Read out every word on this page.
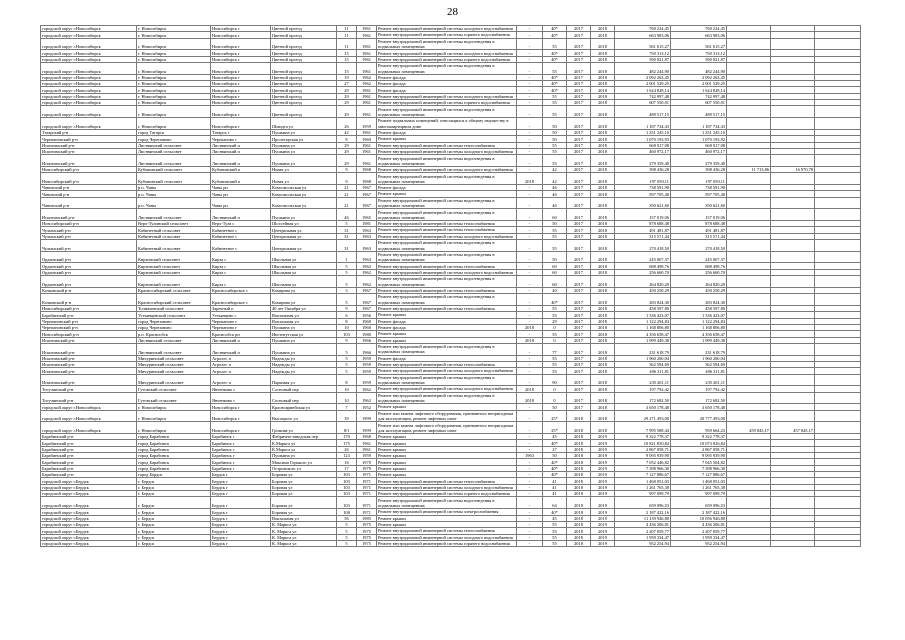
28
городской округ г.Новосибирск	г. Новосибирск	Новосибирск г	Цветной проезд	11	1961	Ремонт внутридомовой инженерной системы холодного водоснабжения	-	40*	2017	2018	760 224,45	760 224,45			
городской округ г.Новосибирск	г. Новосибирск	Новосибирск г	Цветной проезд	11	1961	Ремонт внутридомовой инженерной системы горячего водоснабжения	-	40*	2017	2018	663 983,06	663 983,06			
городской округ г.Новосибирск	г. Новосибирск	Новосибирск г	Цветной проезд	11	1961	Ремонт внутридомовой инженерной системы водоотведения в подвальных помещениях	-	55	2017	2018	561 615,27	561 615,27			
городской округ г.Новосибирск	г. Новосибирск	Новосибирск г	Цветной проезд	15	1961	Ремонт внутридомовой инженерной системы холодного водоснабжения	-	40*	2017	2018	750 313,12	750 313,12			
городской округ г.Новосибирск	г. Новосибирск	Новосибирск г	Цветной проезд	15	1961	Ремонт внутридомовой инженерной системы горячего водоснабжения	-	40*	2017	2018	590 821,87	590 821,87			
городской округ г.Новосибирск	г. Новосибирск	Новосибирск г	Цветной проезд	15	1961	Ремонт внутридомовой инженерной системы водоотведения в подвальных помещениях	-	55	2017	2018	482 244,90	482 244,90			
городской округ г.Новосибирск	г. Новосибирск	Новосибирск г	Цветной проезд	19	1962	Ремонт фасада	-	40*	2017	2018	2 092 263,45	2 092 263,45			
городской округ г.Новосибирск	г. Новосибирск	Новосибирск г	Цветной проезд	27	1962	Ремонт фасада	-	40*	2017	2018	2 001 529,25	2 001 529,25			
городской округ г.Новосибирск	г. Новосибирск	Новосибирск г	Цветной проезд	29	1961	Ремонт фасада	-	40*	2017	2018	1 624 828,14	1 624 828,14			
городской округ г.Новосибирск	г. Новосибирск	Новосибирск г	Цветной проезд	29	1961	Ремонт внутридомовой инженерной системы холодного водоснабжения	-	55	2017	2018	742 997,48	742 997,48			
городской округ г.Новосибирск	г. Новосибирск	Новосибирск г	Цветной проезд	29	1961	Ремонт внутридомовой инженерной системы горячего водоснабжения	-	55	2017	2018	607 550,01	607 550,01			
городской округ г.Новосибирск	г. Новосибирск	Новосибирск г	Цветной проезд	29	1961	Ремонт внутридомовой инженерной системы водоотведения в подвальных помещениях	-	55	2017	2018	489 517,15	489 517,15			
городской округ г.Новосибирск	г. Новосибирск	Новосибирск г	Шмидта ул	26	1959	Ремонт подвальных помещений, относящихся к общему имуществу в многоквартирном доме	-	50	2017	2018	1 187 734,43	1 187 734,43			
Татарский р-н	город Татарск	Татарск г	Пушкина ул	42	1961	Ремонт фасада	-	50	2017	2018	1 251 245,10	1 251 245,10			
Черепановский р-н	город Черепаново	Черепаново г	Пролетарская ул	8	1969	Ремонт крыши	-	50	2017	2018	1 070 193,93	1 070 193,92			
Искитимский р-н	Листвянский сельсовет	Листвянский п	Пушкина ул	29	1961	Ремонт внутридомовой инженерной системы теплоснабжения	-	55	2017	2018	668 017,08	668 017,08			
Искитимский р-н	Листвянский сельсовет	Листвянский п	Пушкина ул	29	1961	Ремонт внутридомовой инженерной системы холодного водоснабжения	-	55	2017	2018	460 972,17	460 972,17			
Искитимский р-н	Листвянский сельсовет	Листвянский п	Пушкина ул	29	1961	Ремонт внутридомовой инженерной системы водоотведения в подвальных помещениях	-	55	2017	2018	279 359,40	279 359,40			
Новосибирский р-н	Кубовинский сельсовет	Кубовинский п	Новая ул	9	1968	Ремонт внутридомовой инженерной системы холодного водоснабжения	-	42	2017	2018	398 436,28	398 436,28	11 713,86	16 970,78	
Новосибирский р-н	Кубовинский сельсовет	Кубовинский п	Новая ул	9	1968	Ремонт внутридомовой инженерной системы водоотведения в подвальных помещениях	2018	42	2017	2018	197 059,11	197 059,11			
Чановский р-н	р.п. Чаны	Чаны рп	Комсомольская ул	21	1967	Ремонт фасада	-	46	2017	2018	738 591,90	738 591,90			
Чановский р-н	р.п. Чаны	Чаны рп	Комсомольская ул	21	1967	Ремонт крыши	-	46	2017	2018	597 705,40	597 705,40			
Чановский р-н	р.п. Чаны	Чаны рп	Комсомольская ул	21	1967	Ремонт внутридомовой инженерной системы водоотведения в подвальных помещениях	-	46	2017	2018	350 621,60	350 621,60			
Искитимский р-н	Листвянский сельсовет	Листвянский п	Пушкина ул	46	1965	Ремонт внутридомовой инженерной системы водоотведения в подвальных помещениях	-	60	2017	2018	157 019,06	157 019,06			
Новосибирский р-н	Верх-Тулинский сельсовет	Верх-Тула с	Шоссейная ул	5	1981	Ремонт внутридомовой инженерной системы теплоснабжения	-	50	2017	2018	878 688,48	878 688,48			
Чулымский р-н	Кабинетный сельсовет	Кабинетное с	Центральная ул	31	1963	Ремонт внутридомовой инженерной системы теплоснабжения	-	55	2017	2018	491 481,87	491 481,87			
Чулымский р-н	Кабинетный сельсовет	Кабинетное с	Центральная ул	31	1963	Ремонт внутридомовой инженерной системы холодного водоснабжения	-	55	2017	2018	315 571,44	315 571,44			
Чулымский р-н	Кабинетный сельсовет	Кабинетное с	Центральная ул	31	1963	Ремонт внутридомовой инженерной системы водоотведения в подвальных помещениях	-	55	2017	2018	270 418,50	270 418,50			
Ордынский р-н	Кирзинский сельсовет	Кирза с	Школьная ул	1	1963	Ремонт внутридомовой инженерной системы водоотведения в подвальных помещениях	-	50	2017	2018	245 007,37	245 007,37			
Ордынский р-н	Кирзинский сельсовет	Кирза с	Школьная ул	5	1962	Ремонт внутридомовой инженерной системы теплоснабжения	-	60	2017	2018	688 498,76	688 498,76			
Ордынский р-н	Кирзинский сельсовет	Кирза с	Школьная ул	5	1962	Ремонт внутридомовой инженерной системы холодного водоснабжения	-	60	2017	2018	256 660,70	256 660,70			
Ордынский р-н	Кирзинский сельсовет	Кирза с	Школьная ул	5	1962	Ремонт внутридомовой инженерной системы водоотведения в подвальных помещениях	-	60	2017	2018	264 820,29	264 820,29			
Кочковский р-н	Красносибирский сельсовет	Красносибирское с	Комарова ул	3	1967	Ремонт внутридомовой инженерной системы теплоснабжения	-	40	2017	2018	450 250,29	450 250,29			
Кочковский р-н	Красносибирский сельсовет	Красносибирское с	Комарова ул	5	1967	Ремонт внутридомовой инженерной системы водоотведения в подвальных помещениях	-	40*	2017	2018	283 824,30	283 824,30			
Новосибирский р-н	Толмачевский сельсовет	Заречный п	40 лет Октября ул	9	1967	Ремонт внутридомовой инженерной системы теплоснабжения	-	55	2017	2018	458 397,80	458 397,80			
Барабинский р-н	Устьянцевский сельсовет	Устьянцево с	Вокзальная ул	6	1956	Ремонт крыши	-	55	2017	2018	1 336 423,07	1 336 423,07			
Черепановский р-н	город Черепаново	Черепаново г	Вокзальная ул	8	1960	Ремонт фасада	-	29	2017	2018	1 122 294,84	1 122 294,84			
Черепановский р-н	город Черепаново	Черепаново г	Пушкина ул	10	1960	Ремонт фасада	2018	0	2017	2018	1 168 806,80	1 168 806,80			
Новосибирский р-н	р.п. Краснообск	Краснообск рп	Институтская ул	103	1980	Ремонт крыши	-	55	2017	2018	4 356 658,47	4 356 658,47			
Искитимский р-н	Листвянский сельсовет	Листвянский п	Пушкина ул	9	1966	Ремонт крыши	2018	0	2017	2018	1 099 449,38	1 099 449,38			
Искитимский р-н	Листвянский сельсовет	Листвянский п	Пушкина ул	5	1966	Ремонт внутридомовой инженерной системы водоотведения в подвальных помещениях	-	77	2017	2018	231 618,79	231 618,79			
Искитимский р-н	Мичуринский сельсовет	Агролес п	Надежды ул	5	1959	Ремонт фасада	-	55	2017	2018	1 960 260,04	1 960 260,04			
Искитимский р-н	Мичуринский сельсовет	Агролес п	Надежды ул	5	1959	Ремонт внутридомовой инженерной системы теплоснабжения	-	55	2017	2018	362 594,69	362 594,69			
Искитимский р-н	Мичуринский сельсовет	Агролес п	Надежды ул	5	1959	Ремонт внутридомовой инженерной системы холодного водоснабжения	-	55	2017	2018	496 211,81	496 211,81			
Искитимский р-н	Мичуринский сельсовет	Агролес п	Парковая ул	8	1959	Ремонт внутридомовой инженерной системы водоотведения в подвальных помещениях	-	90	2017	2018	235 261,11	235 261,11			
Тогучинский р-н	Гутовский сельсовет	Янченково с	Сосновый пер	10	1962	Ремонт внутридомовой инженерной системы холодного водоснабжения	2018	0	2017	2018	197 792,42	197 792,42			
Тогучинский р-н	Гутовский сельсовет	Янченково с	Сосновый пер	10	1962	Ремонт внутридомовой инженерной системы водоотведения в подвальных помещениях	2018	0	2017	2018	172 682,50	172 682,50			
городской округ г.Новосибирск	г. Новосибирск	Новосибирск г	Красноармейская ул	7	1952	Ремонт крыши	-	50	2017	2018	3 650 178,48	3 650 178,48			
городской округ г.Новосибирск	г. Новосибирск	Новосибирск г	Высоцкого ул	39	1999	Ремонт или замена лифтового оборудования, признанного непригодным для эксплуатации, ремонт лифтовых шахт	-	25*	2018	2018	29 271 493,00	20 777 493,00			
городской округ г.Новосибирск	г. Новосибирск	Новосибирск г	Громова ул	8/1	1999	Ремонт или замена лифтового оборудования, признанного непригодным для эксплуатации, ремонт лифтовых шахт	-	25*	2018	2018	7 995 588,44	959 664,23	459 845,17	457 845,17	
Барабинский р-н	город Барабинск	Барабинск г	Фабрично-заводская пер	170	1968	Ремонт крыши	-	45	2018	2019	9 322 778,37	9 322 778,37			
Барабинский р-н	город Барабинск	Барабинск г	К.Маркса ул	175	1961	Ремонт крыши	-	40*	2018	2019	10 821 830,84	10 073 826,84			
Барабинский р-н	город Барабинск	Барабинск г	К.Маркса ул	26	1961	Ремонт крыши	-	27	2018	2019	2 867 058,71	2 867 058,71			
Барабинский р-н	город Барабинск	Барабинск г	Пушкина ул	123	1959	Ремонт крыши	1963	50	2018	2019	9 095 939,90	9 095 939,90			
Барабинский р-н	город Барабинск	Барабинск г	Максима Горького ул	16	1970	Ремонт крыши	-	40*	2018	2019	7 052 446,82	7 045 504,82			
Барабинский р-н	город Барабинск	Барабинск г	Островского ул	17	1979	Ремонт крыши	-	40*	2018	2019	7 398 966,30	7 398 966,30			
Барабинский р-н	город Бердск	Бердск г	Боровая ул	103	1971	Ремонт крыши	-	40*	2018	2019	7 127 886,67	7 127 886,67			
городской округ г.Бердск	г. Бердск	Бердск г	Боровая ул	103	1971	Ремонт внутридомовой инженерной системы теплоснабжения	-	41	2018	2019	1 468 051,03	1 468 051,03			
городской округ г.Бердск	г. Бердск	Бердск г	Боровая ул	103	1971	Ремонт внутридомовой инженерной системы холодного водоснабжения	-	41	2018	2019	1 261 765,38	1 261 765,38			
городской округ г.Бердск	г. Бердск	Бердск г	Боровая ул	103	1971	Ремонт внутридомовой инженерной системы горячего водоснабжения	-	41	2018	2019	997 099,79	997 099,79			
городской округ г.Бердск	г. Бердск	Бердск г	Боровая ул	103	1971	Ремонт внутридомовой инженерной системы водоотведения в подвальных помещениях	-	64	2018	2019	659 096,53	659 096,53			
городской округ г.Бердск	г. Бердск	Бердск г	Боровая ул	108	1971	Ремонт внутридомовой инженерной системы электроснабжения	-	40*	2018	2019	2 187 422,16	2 187 422,16			
городской округ г.Бердск	г. Бердск	Бердск г	Вокзальная ул	56	1985	Ремонт крыши	-	45	2018	2019	11 139 946,80	10 056 946,80			
городской округ г.Бердск	г. Бердск	Бердск г	К. Маркса ул	5	1975	Ремонт крыши	-	55	2018	2019	4 436 206,81	4 436 206,81			
городской округ г.Бердск	г. Бердск	Бердск г	К. Маркса ул	5	1975	Ремонт внутридомовой инженерной системы теплоснабжения	-	55	2018	2019	2 207 859,77	2 207 859,77			
городской округ г.Бердск	г. Бердск	Бердск г	К. Маркса ул	5	1975	Ремонт внутридомовой инженерной системы холодного водоснабжения	-	55	2018	2019	1 959 334,47	1 959 334,47			
городской округ г.Бердск	г. Бердск	Бердск г	К. Маркса ул	5	1975	Ремонт внутридомовой инженерной системы горячего водоснабжения	-	55	2018	2019	952 254,94	952 254,94			
